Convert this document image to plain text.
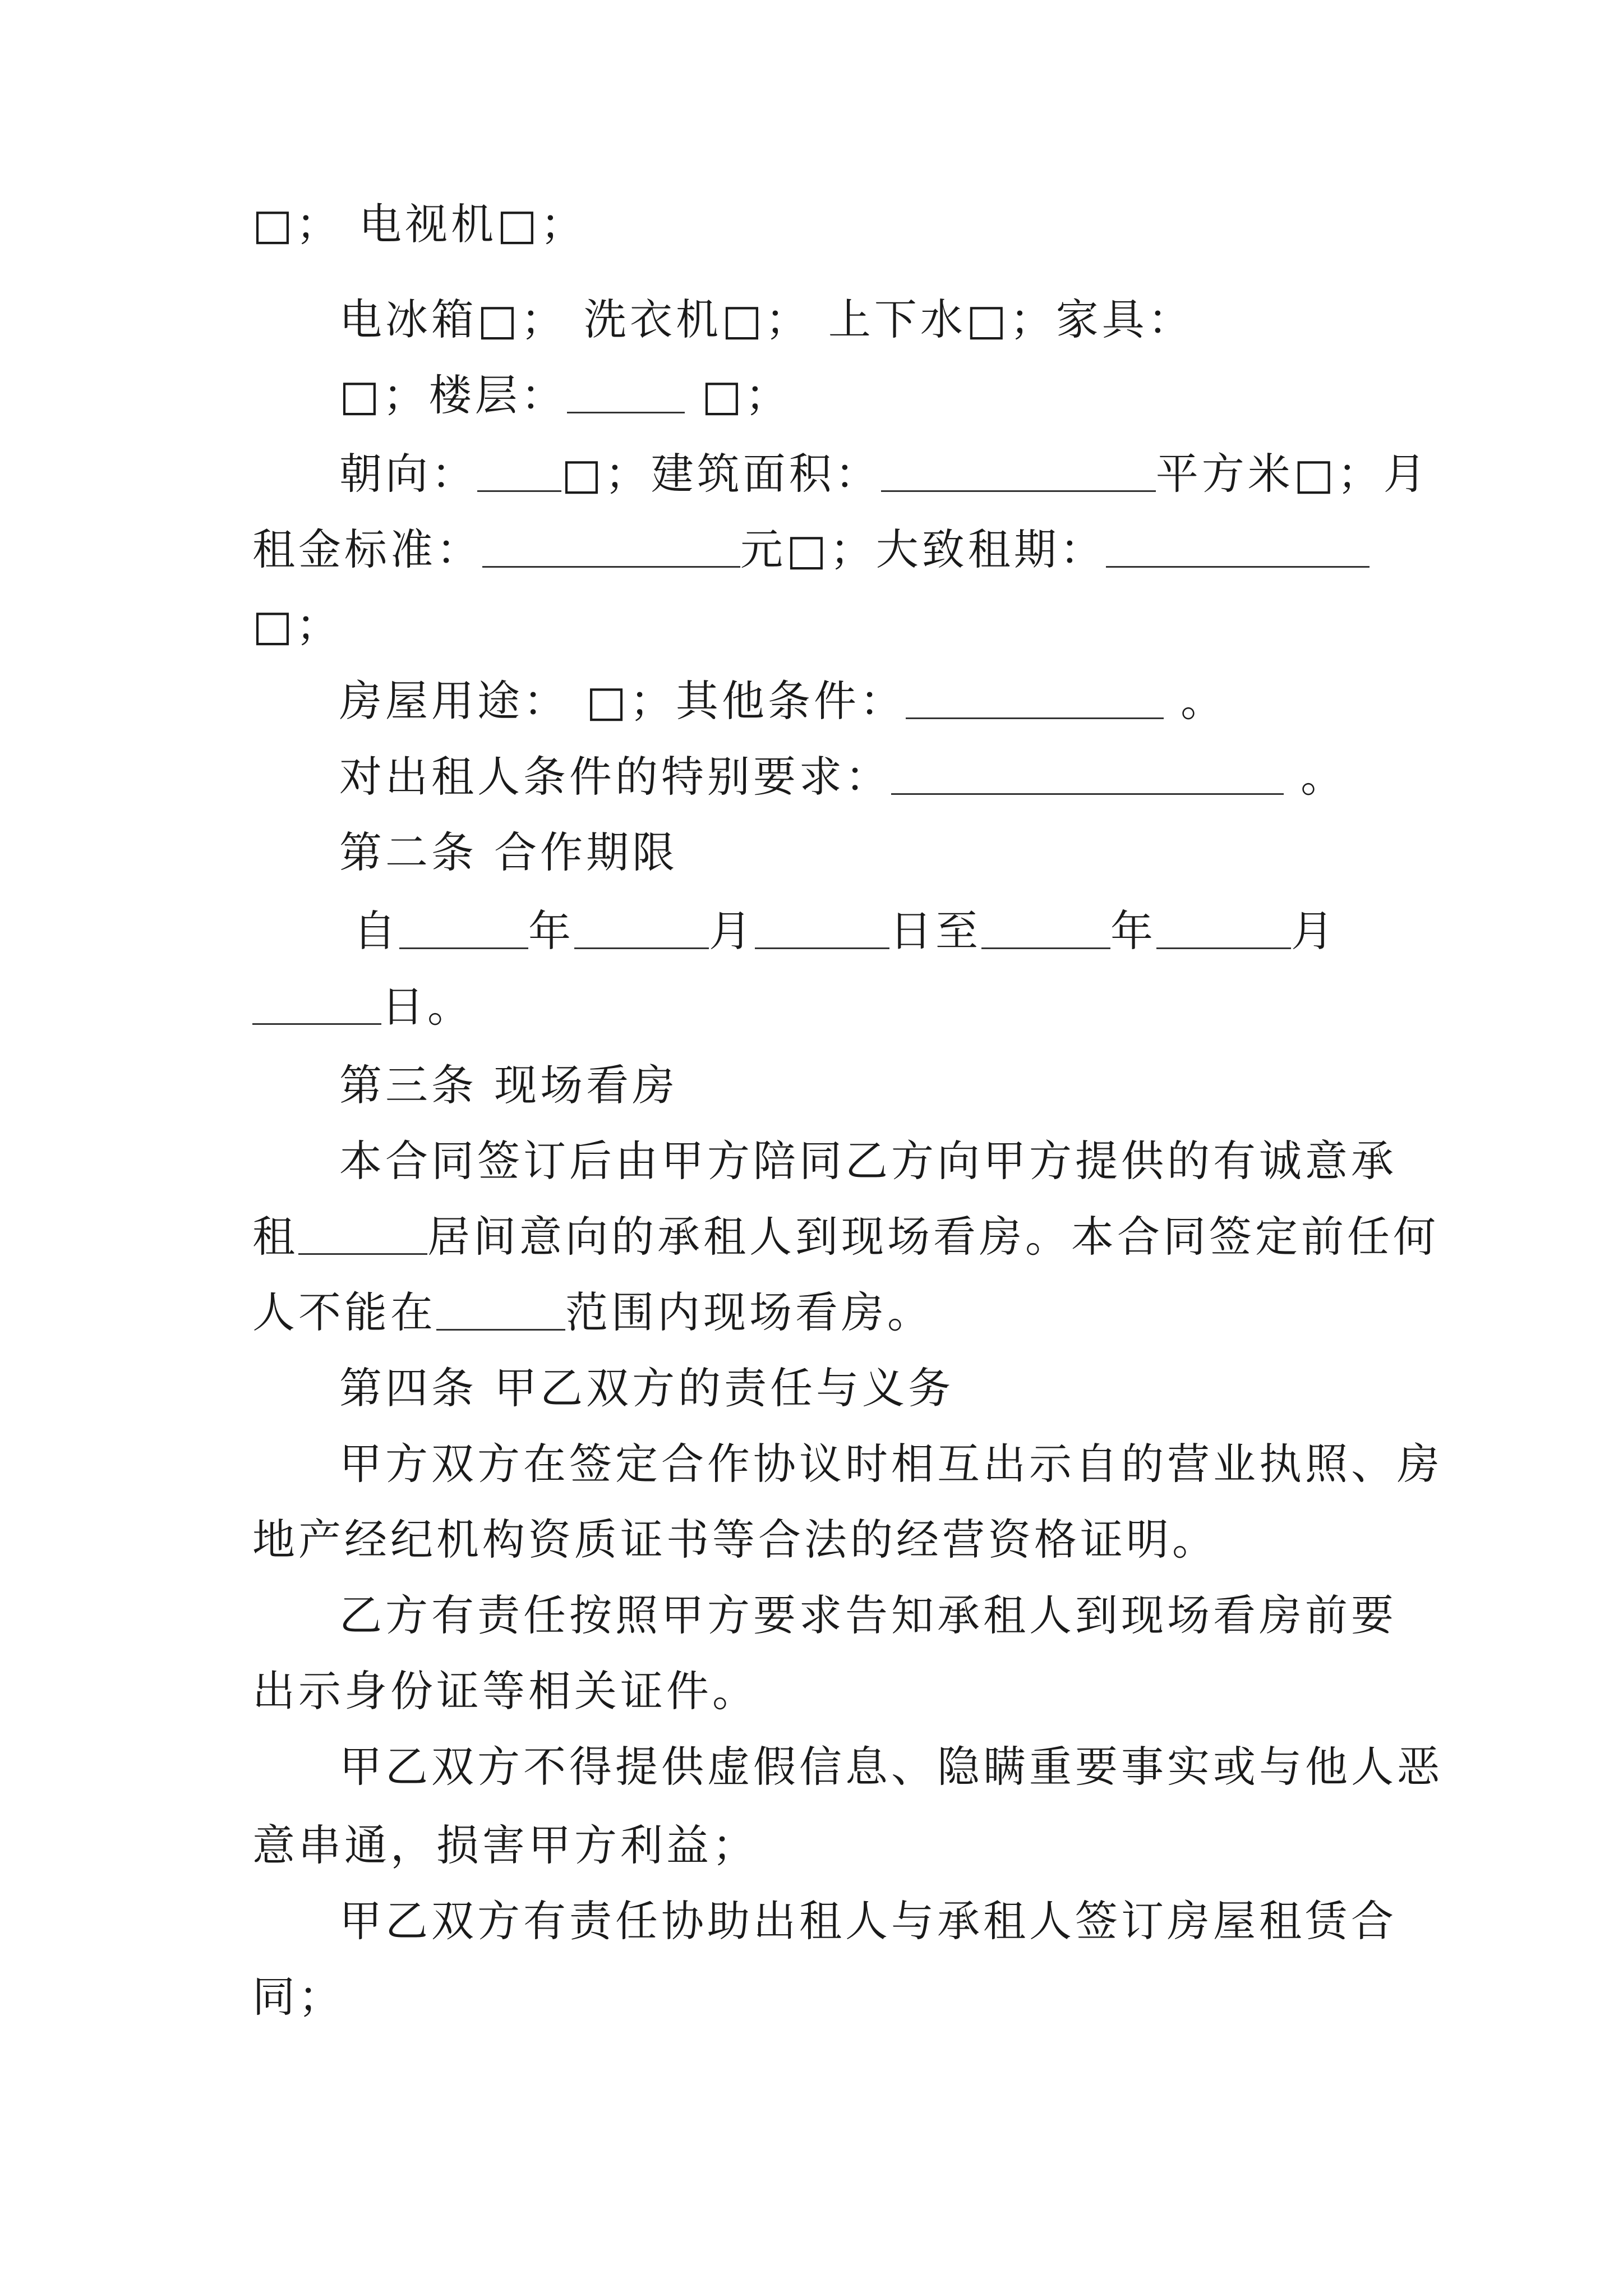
□； 电视机□；
电冰箱□； 洗衣机□； 上下水□；家具：
□；楼层：	□；
朝向： □；建筑面积：	平方米□；月
租金标准：	元□；大致租期：
□；
房屋用途： □；其他条件：	。
对出租人条件的特别要求：	。
第二条 合作期限
自	年	月	日至	年	月
日。
第三条 现场看房
本合同签订后由甲方陪同乙方向甲方提供的有诚意承
租	居间意向的承租人到现场看房。本合同签定前任何
人不能在	范围内现场看房。
第四条 甲乙双方的责任与义务
甲方双方在签定合作协议时相互出示自的营业执照、房
地产经纪机构资质证书等合法的经营资格证明。
乙方有责任按照甲方要求告知承租人到现场看房前要
出示身份证等相关证件。
甲乙双方不得提供虚假信息、隐瞒重要事实或与他人恶
意串通，损害甲方利益；
甲乙双方有责任协助出租人与承租人签订房屋租赁合
同；
